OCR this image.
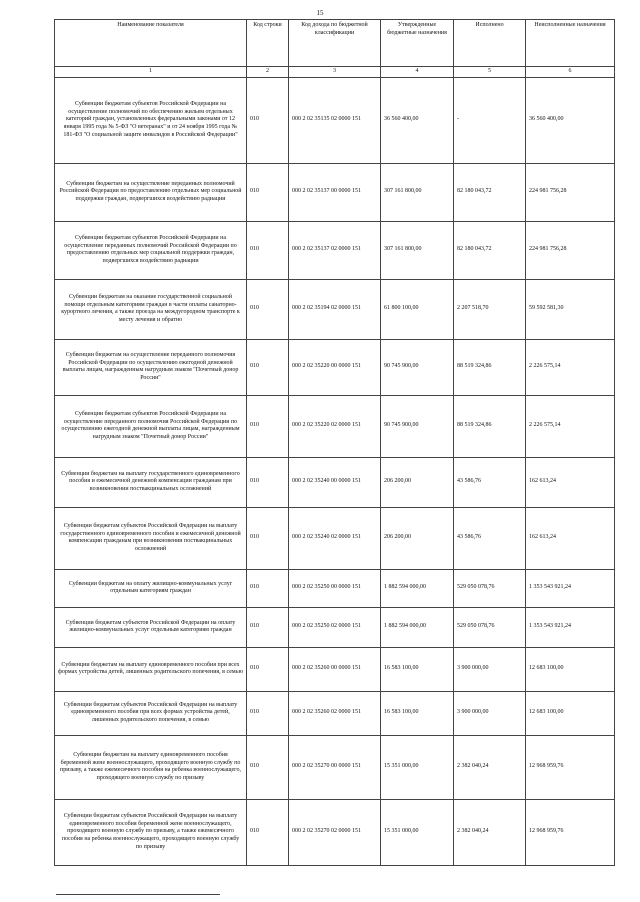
15
Наименование показателя	Код строки	Код дохода по бюджетной классификации	Утвержденные бюджетные назначения	Исполнено	Неисполненные назначения
1	2	3	4	5	6
Субвенции бюджетам субъектов Российской Федерации на осуществление полномочий по обеспечению жильем отдельных категорий граждан, установленных федеральными законами от 12 января 1995 года № 5-ФЗ "О ветеранах" и от 24 ноября 1995 года № 181-ФЗ "О социальной защите инвалидов в Российской Федерации"	010	000 2 02 35135 02 0000 151	36 560 400,00	-	36 560 400,00
Субвенции бюджетам на осуществление переданных полномочий Российской Федерации по предоставлению отдельных мер социальной поддержки граждан, подвергшихся воздействию радиации	010	000 2 02 35137 00 0000 151	307 161 800,00	82 180 043,72	224 981 756,28
Субвенции бюджетам субъектов Российской Федерации на осуществление переданных полномочий Российской Федерации по предоставлению отдельных мер социальной поддержки граждан, подвергшихся воздействию радиации	010	000 2 02 35137 02 0000 151	307 161 800,00	82 180 043,72	224 981 756,28
Субвенции бюджетам на оказание государственной социальной помощи отдельным категориям граждан в части оплаты санаторно-курортного лечения, а также проезда на междугородном транспорте к месту лечения и обратно	010	000 2 02 35194 02 0000 151	61 800 100,00	2 207 518,70	59 592 581,30
Субвенции бюджетам на осуществление переданного полномочия Российской Федерации по осуществлению ежегодной денежной выплаты лицам, награжденным нагрудным знаком "Почетный донор России"	010	000 2 02 35220 00 0000 151	90 745 900,00	88 519 324,86	2 226 575,14
Субвенции бюджетам субъектов Российской Федерации на осуществление переданного полномочия Российской Федерации по осуществлению ежегодной денежной выплаты лицам, награжденным нагрудным знаком "Почетный донор России"	010	000 2 02 35220 02 0000 151	90 745 900,00	88 519 324,86	2 226 575,14
Субвенции бюджетам на выплату государственного единовременного пособия и ежемесячной денежной компенсации гражданам при возникновении поствакцинальных осложнений	010	000 2 02 35240 00 0000 151	206 200,00	43 586,76	162 613,24
Субвенции бюджетам субъектов Российской Федерации на выплату государственного единовременного пособия и ежемесячной денежной компенсации гражданам при возникновении поствакцинальных осложнений	010	000 2 02 35240 02 0000 151	206 200,00	43 586,76	162 613,24
Субвенции бюджетам на оплату жилищно-коммунальных услуг отдельным категориям граждан	010	000 2 02 35250 00 0000 151	1 882 594 000,00	529 050 078,76	1 353 543 921,24
Субвенции бюджетам субъектов Российской Федерации на оплату жилищно-коммунальных услуг отдельным категориям граждан	010	000 2 02 35250 02 0000 151	1 882 594 000,00	529 050 078,76	1 353 543 921,24
Субвенции бюджетам на выплату единовременного пособия при всех формах устройства детей, лишенных родительского попечения, в семью	010	000 2 02 35260 00 0000 151	16 583 100,00	3 900 000,00	12 683 100,00
Субвенции бюджетам субъектов Российской Федерации на выплату единовременного пособия при всех формах устройства детей, лишенных родительского попечения, в семью	010	000 2 02 35260 02 0000 151	16 583 100,00	3 900 000,00	12 683 100,00
Субвенции бюджетам на выплату единовременного пособия беременной жене военнослужащего, проходящего военную службу по призыву, а также ежемесячного пособия на ребенка военнослужащего, проходящего военную службу по призыву	010	000 2 02 35270 00 0000 151	15 351 000,00	2 382 040,24	12 968 959,76
Субвенции бюджетам субъектов Российской Федерации на выплату единовременного пособия беременной жене военнослужащего, проходящего военную службу по призыву, а также ежемесячного пособия на ребенка военнослужащего, проходящего военную службу по призыву	010	000 2 02 35270 02 0000 151	15 351 000,00	2 382 040,24	12 968 959,76
